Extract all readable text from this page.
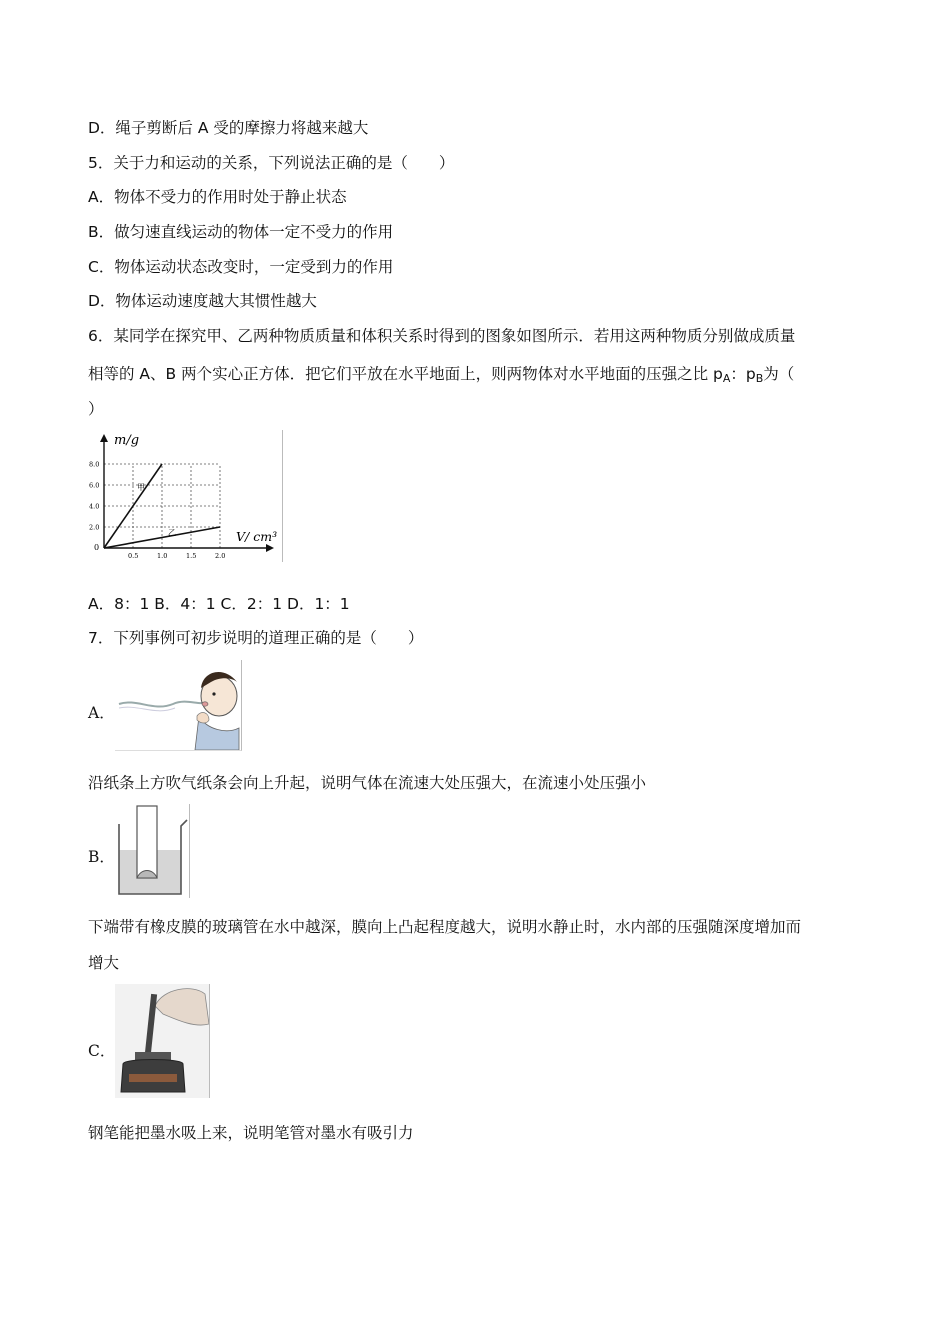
D．绳子剪断后 A 受的摩擦力将越来越大
5．关于力和运动的关系，下列说法正确的是（　　）
A．物体不受力的作用时处于静止状态
B．做匀速直线运动的物体一定不受力的作用
C．物体运动状态改变时，一定受到力的作用
D．物体运动速度越大其惯性越大
6．某同学在探究甲、乙两种物质质量和体积关系时得到的图象如图所示．若用这两种物质分别做成质量
相等的 A、B 两个实心正方体．把它们平放在水平地面上，则两物体对水平地面的压强之比 $p_A$：$p_B$为（
）
甲
乙
0.5	1.0	1.5	2.0
2.0
4.0
6.0
8.0
m/g
V/ cm³
0
A．8：1 B．4：1 C．2：1 D．1：1
7．下列事例可初步说明的道理正确的是（　　）
A．
沿纸条上方吹气纸条会向上升起，说明气体在流速大处压强大，在流速小处压强小
B．
下端带有橡皮膜的玻璃管在水中越深，膜向上凸起程度越大，说明水静止时，水内部的压强随深度增加而
增大
C．
钢笔能把墨水吸上来，说明笔管对墨水有吸引力
